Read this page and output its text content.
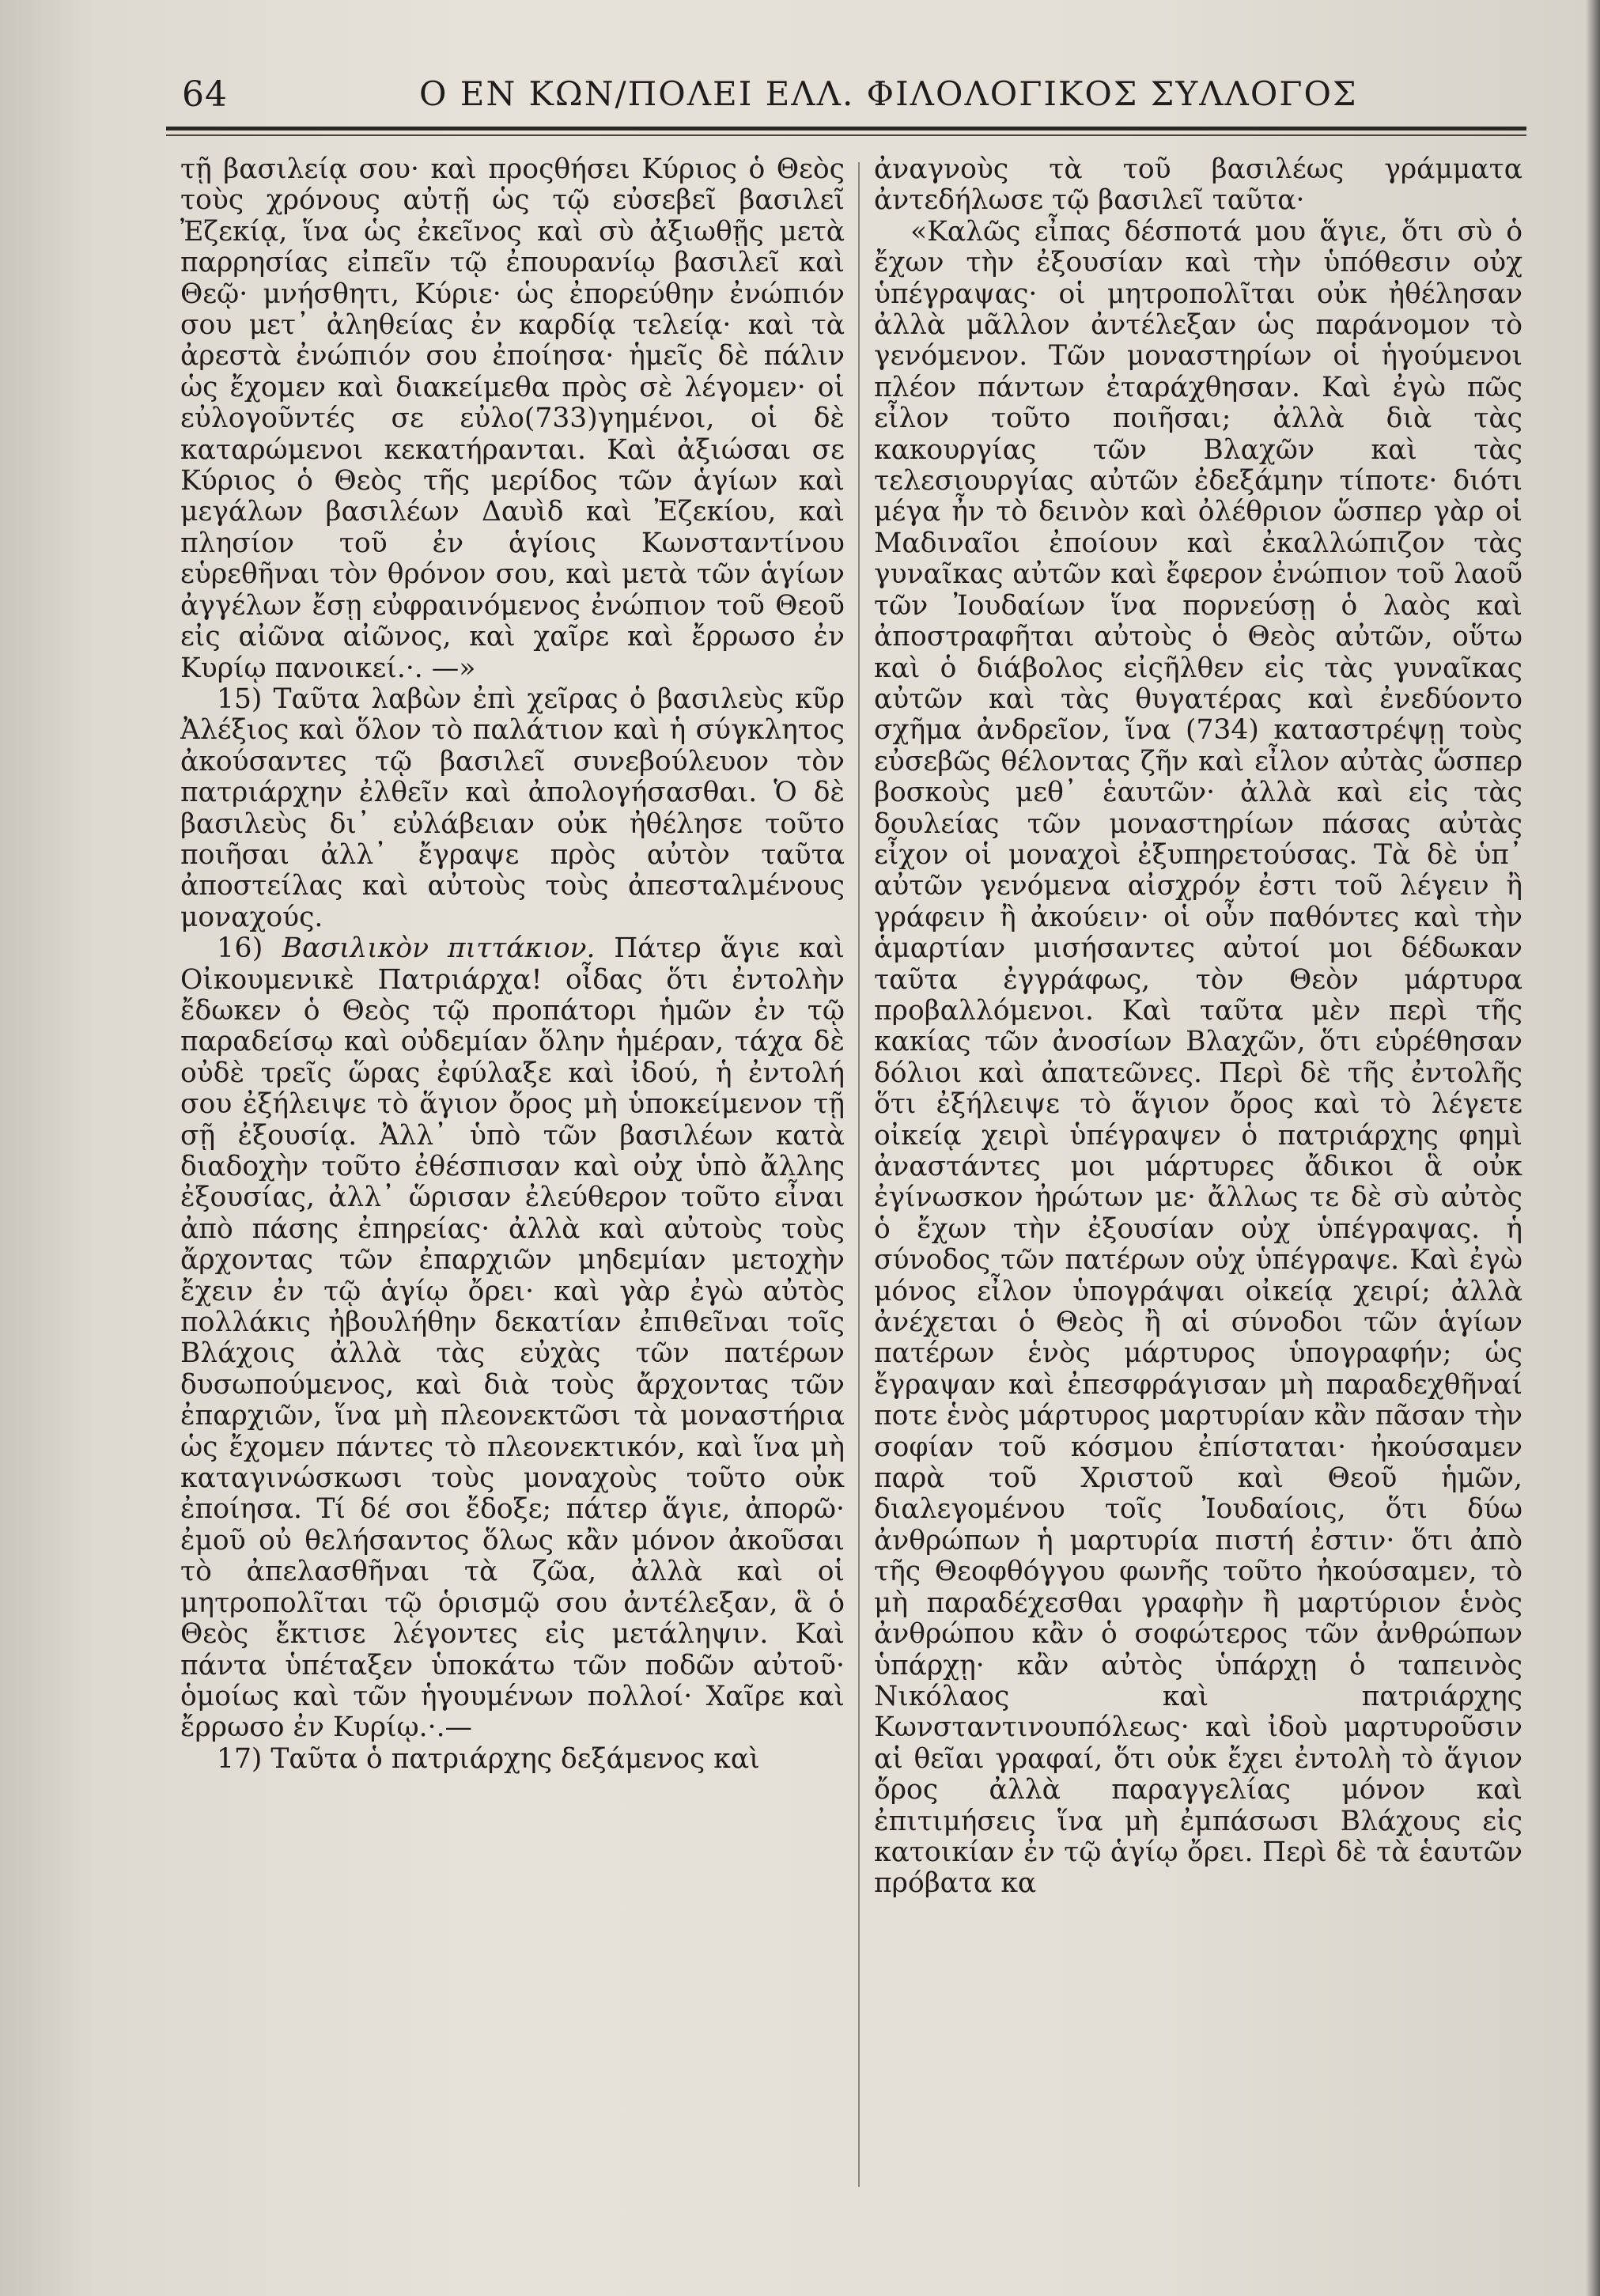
64	Ο ΕΝ ΚΩΝ/ΠΟΛΕΙ ΕΛΛ. ΦΙΛΟΛΟΓΙΚΟΣ ΣΥΛΛΟΓΟΣ

τῇ βασιλείᾳ σου· καὶ προςθήσει Κύριος ὁ Θεὸς τοὺς χρόνους αὐτῇ ὡς τῷ εὐσεβεῖ βασιλεῖ Ἐζεκίᾳ, ἵνα ὡς ἐκεῖνος καὶ σὺ ἀξιωθῇς μετὰ παρρησίας εἰπεῖν τῷ ἐπουρανίῳ βασιλεῖ καὶ Θεῷ· μνήσθητι, Κύριε· ὡς ἐπορεύθην ἐνώπιόν σου μετ᾽ ἀληθείας ἐν καρδίᾳ τελείᾳ· καὶ τὰ ἀρεστὰ ἐνώπιόν σου ἐποίησα· ἡμεῖς δὲ πάλιν ὡς ἔχομεν καὶ διακείμεθα πρὸς σὲ λέγομεν· οἱ εὐλογοῦντές σε εὐλο(733)γημένοι, οἱ δὲ καταρώμενοι κεκατήρανται. Καὶ ἀξιώσαι σε Κύριος ὁ Θεὸς τῆς μερίδος τῶν ἁγίων καὶ μεγάλων βασιλέων Δαυὶδ καὶ Ἐζεκίου, καὶ πλησίον τοῦ ἐν ἁγίοις Κωνσταντίνου εὑρεθῆναι τὸν θρόνον σου, καὶ μετὰ τῶν ἁγίων ἀγγέλων ἔσῃ εὐφραινόμενος ἐνώπιον τοῦ Θεοῦ εἰς αἰῶνα αἰῶνος, καὶ χαῖρε καὶ ἔρρωσο ἐν Κυρίῳ πανοικεί.·. —»

15) Ταῦτα λαβὼν ἐπὶ χεῖρας ὁ βασιλεὺς κῦρ Ἀλέξιος καὶ ὅλον τὸ παλάτιον καὶ ἡ σύγκλητος ἀκούσαντες τῷ βασιλεῖ συνεβούλευον τὸν πατριάρχην ἐλθεῖν καὶ ἀπολογήσασθαι. Ὁ δὲ βασιλεὺς δι᾽ εὐλάβειαν οὐκ ἠθέλησε τοῦτο ποιῆσαι ἀλλ᾽ ἔγραψε πρὸς αὐτὸν ταῦτα ἀποστείλας καὶ αὐτοὺς τοὺς ἀπεσταλμένους μοναχούς.

16) Βασιλικὸν πιττάκιον. Πάτερ ἅγιε καὶ Οἰκουμενικὲ Πατριάρχα! οἶδας ὅτι ἐντολὴν ἔδωκεν ὁ Θεὸς τῷ προπάτορι ἡμῶν ἐν τῷ παραδείσῳ καὶ οὐδεμίαν ὅλην ἡμέραν, τάχα δὲ οὐδὲ τρεῖς ὥρας ἐφύλαξε καὶ ἰδού, ἡ ἐντολή σου ἐξήλειψε τὸ ἅγιον ὄρος μὴ ὑποκείμενον τῇ σῇ ἐξουσίᾳ. Ἀλλ᾽ ὑπὸ τῶν βασιλέων κατὰ διαδοχὴν τοῦτο ἐθέσπισαν καὶ οὐχ ὑπὸ ἄλλης ἐξουσίας, ἀλλ᾽ ὥρισαν ἐλεύθερον τοῦτο εἶναι ἀπὸ πάσης ἐπηρείας· ἀλλὰ καὶ αὐτοὺς τοὺς ἄρχοντας τῶν ἐπαρχιῶν μηδεμίαν μετοχὴν ἔχειν ἐν τῷ ἁγίῳ ὄρει· καὶ γὰρ ἐγὼ αὐτὸς πολλάκις ἠβουλήθην δεκατίαν ἐπιθεῖναι τοῖς Βλάχοις ἀλλὰ τὰς εὐχὰς τῶν πατέρων δυσωπούμενος, καὶ διὰ τοὺς ἄρχοντας τῶν ἐπαρχιῶν, ἵνα μὴ πλεονεκτῶσι τὰ μοναστήρια ὡς ἔχομεν πάντες τὸ πλεονεκτικόν, καὶ ἵνα μὴ καταγινώσκωσι τοὺς μοναχοὺς τοῦτο οὐκ ἐποίησα. Τί δέ σοι ἔδοξε; πάτερ ἅγιε, ἀπορῶ· ἐμοῦ οὐ θελήσαντος ὅλως κἂν μόνον ἀκοῦσαι τὸ ἀπελασθῆναι τὰ ζῶα, ἀλλὰ καὶ οἱ μητροπολῖται τῷ ὁρισμῷ σου ἀντέλεξαν, ἃ ὁ Θεὸς ἔκτισε λέγοντες εἰς μετάληψιν. Καὶ πάντα ὑπέταξεν ὑποκάτω τῶν ποδῶν αὐτοῦ· ὁμοίως καὶ τῶν ἡγουμένων πολλοί· Χαῖρε καὶ ἔρρωσο ἐν Κυρίῳ.·.—

17) Ταῦτα ὁ πατριάρχης δεξάμενος καὶ

ἀναγνοὺς τὰ τοῦ βασιλέως γράμματα ἀντεδήλωσε τῷ βασιλεῖ ταῦτα·

«Καλῶς εἶπας δέσποτά μου ἅγιε, ὅτι σὺ ὁ ἔχων τὴν ἐξουσίαν καὶ τὴν ὑπόθεσιν οὐχ ὑπέγραψας· οἱ μητροπολῖται οὐκ ἠθέλησαν ἀλλὰ μᾶλλον ἀντέλεξαν ὡς παράνομον τὸ γενόμενον. Τῶν μοναστηρίων οἱ ἡγούμενοι πλέον πάντων ἐταράχθησαν. Καὶ ἐγὼ πῶς εἶλον τοῦτο ποιῆσαι; ἀλλὰ διὰ τὰς κακουργίας τῶν Βλαχῶν καὶ τὰς τελεσιουργίας αὐτῶν ἐδεξάμην τίποτε· διότι μέγα ἦν τὸ δεινὸν καὶ ὀλέθριον ὥσπερ γὰρ οἱ Μαδιναῖοι ἐποίουν καὶ ἐκαλλώπιζον τὰς γυναῖκας αὐτῶν καὶ ἔφερον ἐνώπιον τοῦ λαοῦ τῶν Ἰουδαίων ἵνα πορνεύσῃ ὁ λαὸς καὶ ἀποστραφῆται αὐτοὺς ὁ Θεὸς αὐτῶν, οὕτω καὶ ὁ διάβολος εἰςῆλθεν εἰς τὰς γυναῖκας αὐτῶν καὶ τὰς θυγατέρας καὶ ἐνεδύοντο σχῆμα ἀνδρεῖον, ἵνα (734) καταστρέψῃ τοὺς εὐσεβῶς θέλοντας ζῆν καὶ εἶλον αὐτὰς ὥσπερ βοσκοὺς μεθ᾽ ἑαυτῶν· ἀλλὰ καὶ εἰς τὰς δουλείας τῶν μοναστηρίων πάσας αὐτὰς εἶχον οἱ μοναχοὶ ἐξυπηρετούσας. Τὰ δὲ ὑπ᾽ αὐτῶν γενόμενα αἰσχρόν ἐστι τοῦ λέγειν ἢ γράφειν ἢ ἀκούειν· οἱ οὖν παθόντες καὶ τὴν ἁμαρτίαν μισήσαντες αὐτοί μοι δέδωκαν ταῦτα ἐγγράφως, τὸν Θεὸν μάρτυρα προβαλλόμενοι. Καὶ ταῦτα μὲν περὶ τῆς κακίας τῶν ἀνοσίων Βλαχῶν, ὅτι εὑρέθησαν δόλιοι καὶ ἀπατεῶνες. Περὶ δὲ τῆς ἐντολῆς ὅτι ἐξήλειψε τὸ ἅγιον ὄρος καὶ τὸ λέγετε οἰκείᾳ χειρὶ ὑπέγραψεν ὁ πατριάρχης φημὶ ἀναστάντες μοι μάρτυρες ἄδικοι ἃ οὐκ ἐγίνωσκον ἠρώτων με· ἄλλως τε δὲ σὺ αὐτὸς ὁ ἔχων τὴν ἐξουσίαν οὐχ ὑπέγραψας. ἡ σύνοδος τῶν πατέρων οὐχ ὑπέγραψε. Καὶ ἐγὼ μόνος εἶλον ὑπογράψαι οἰκείᾳ χειρί; ἀλλὰ ἀνέχεται ὁ Θεὸς ἢ αἱ σύνοδοι τῶν ἁγίων πατέρων ἑνὸς μάρτυρος ὑπογραφήν; ὡς ἔγραψαν καὶ ἐπεσφράγισαν μὴ παραδεχθῆναί ποτε ἑνὸς μάρτυρος μαρτυρίαν κἂν πᾶσαν τὴν σοφίαν τοῦ κόσμου ἐπίσταται· ἠκούσαμεν παρὰ τοῦ Χριστοῦ καὶ Θεοῦ ἡμῶν, διαλεγομένου τοῖς Ἰουδαίοις, ὅτι δύω ἀνθρώπων ἡ μαρτυρία πιστή ἐστιν· ὅτι ἀπὸ τῆς Θεοφθόγγου φωνῆς τοῦτο ἠκούσαμεν, τὸ μὴ παραδέχεσθαι γραφὴν ἢ μαρτύριον ἑνὸς ἀνθρώπου κἂν ὁ σοφώτερος τῶν ἀνθρώπων ὑπάρχῃ· κἂν αὐτὸς ὑπάρχῃ ὁ ταπεινὸς Νικόλαος καὶ πατριάρχης Κωνσταντινουπόλεως· καὶ ἰδοὺ μαρτυροῦσιν αἱ θεῖαι γραφαί, ὅτι οὐκ ἔχει ἐντολὴ τὸ ἅγιον ὄρος ἀλλὰ παραγγελίας μόνον καὶ ἐπιτιμήσεις ἵνα μὴ ἐμπάσωσι Βλάχους εἰς κατοικίαν ἐν τῷ ἁγίῳ ὄρει. Περὶ δὲ τὰ ἑαυτῶν πρόβατα κα
